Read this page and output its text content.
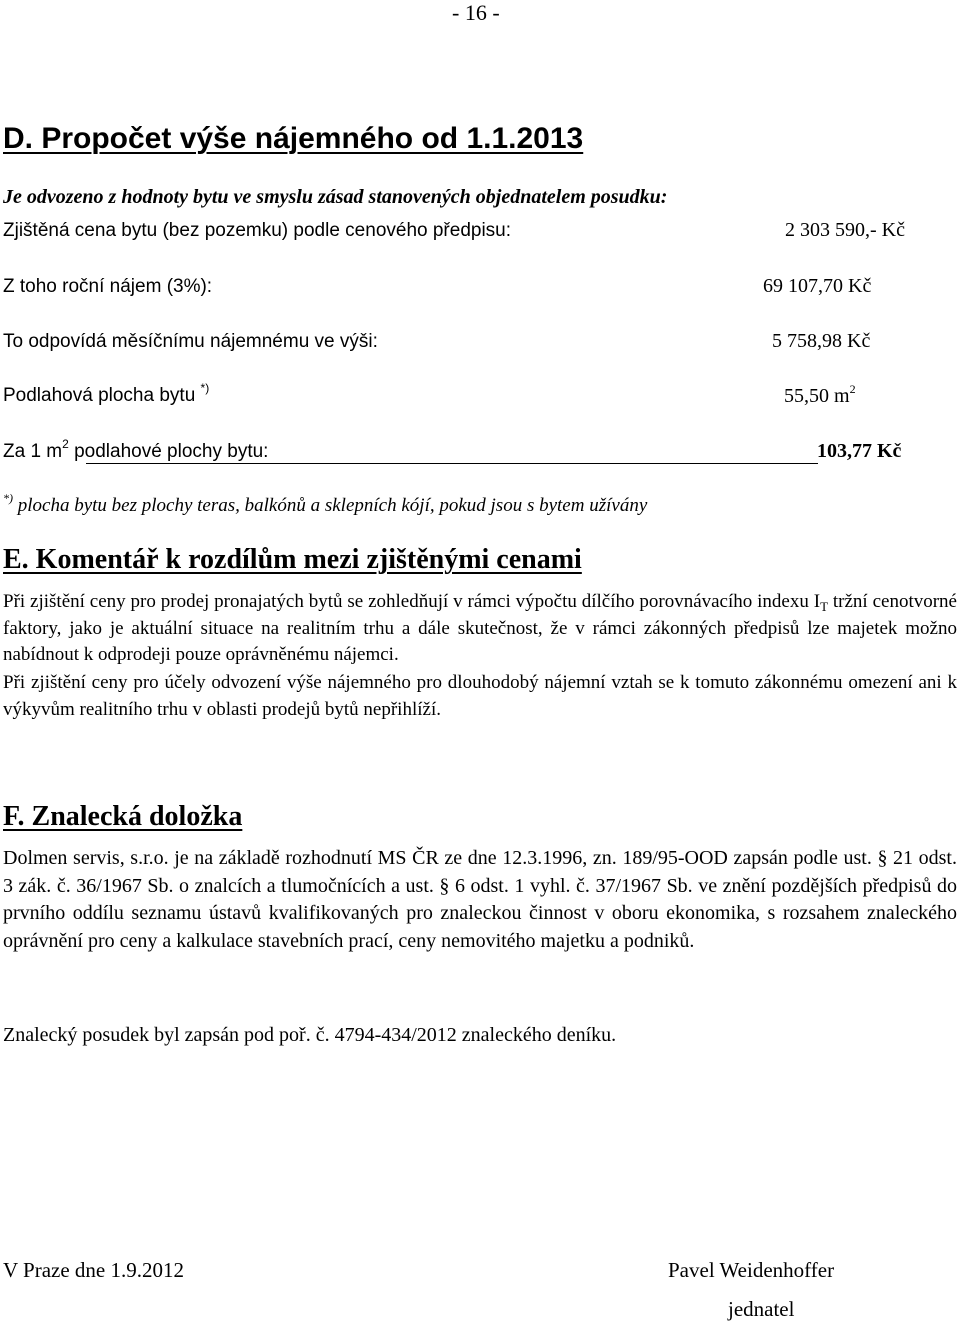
- 16 -
D. Propočet výše nájemného od 1.1.2013
Je odvozeno z hodnoty bytu ve smyslu zásad stanovených objednatelem posudku:
Zjištěná cena bytu (bez pozemku) podle cenového předpisu:	2 303 590,- Kč
Z toho roční nájem (3%):	69 107,70 Kč
To odpovídá měsíčnímu nájemnému ve výši:	5 758,98 Kč
Podlahová plocha bytu *)	55,50 $m^2$
Za 1 $m^2$ podlahové plochy bytu:	103,77 Kč
*) plocha bytu bez plochy teras, balkónů a sklepních kójí, pokud jsou s bytem užívány
E. Komentář k rozdílům mezi zjištěnými cenami
Při zjištění ceny pro prodej pronajatých bytů se zohledňují v rámci výpočtu dílčího porovnávacího indexu $I_T$ tržní cenotvorné faktory, jako je aktuální situace na realitním trhu a dále skutečnost, že v rámci zákonných předpisů lze majetek možno nabídnout k odprodeji pouze oprávněnému nájemci.
Při zjištění ceny pro účely odvození výše nájemného pro dlouhodobý nájemní vztah se k tomuto zákonnému omezení ani k výkyvům realitního trhu v oblasti prodejů bytů nepřihlíží.
F. Znalecká doložka
Dolmen servis, s.r.o. je na základě rozhodnutí MS ČR ze dne 12.3.1996, zn. 189/95-OOD zapsán podle ust. § 21 odst. 3 zák. č. 36/1967 Sb. o znalcích a tlumočnících a ust. § 6 odst. 1 vyhl. č. 37/1967 Sb. ve znění pozdějších předpisů do prvního oddílu seznamu ústavů kvalifikovaných pro znaleckou činnost v oboru ekonomika, s rozsahem znaleckého oprávnění pro ceny a kalkulace stavebních prací, ceny nemovitého majetku a podniků.
Znalecký posudek byl zapsán pod poř. č. 4794-434/2012 znaleckého deníku.
V Praze dne 1.9.2012	Pavel Weidenhoffer
jednatel
